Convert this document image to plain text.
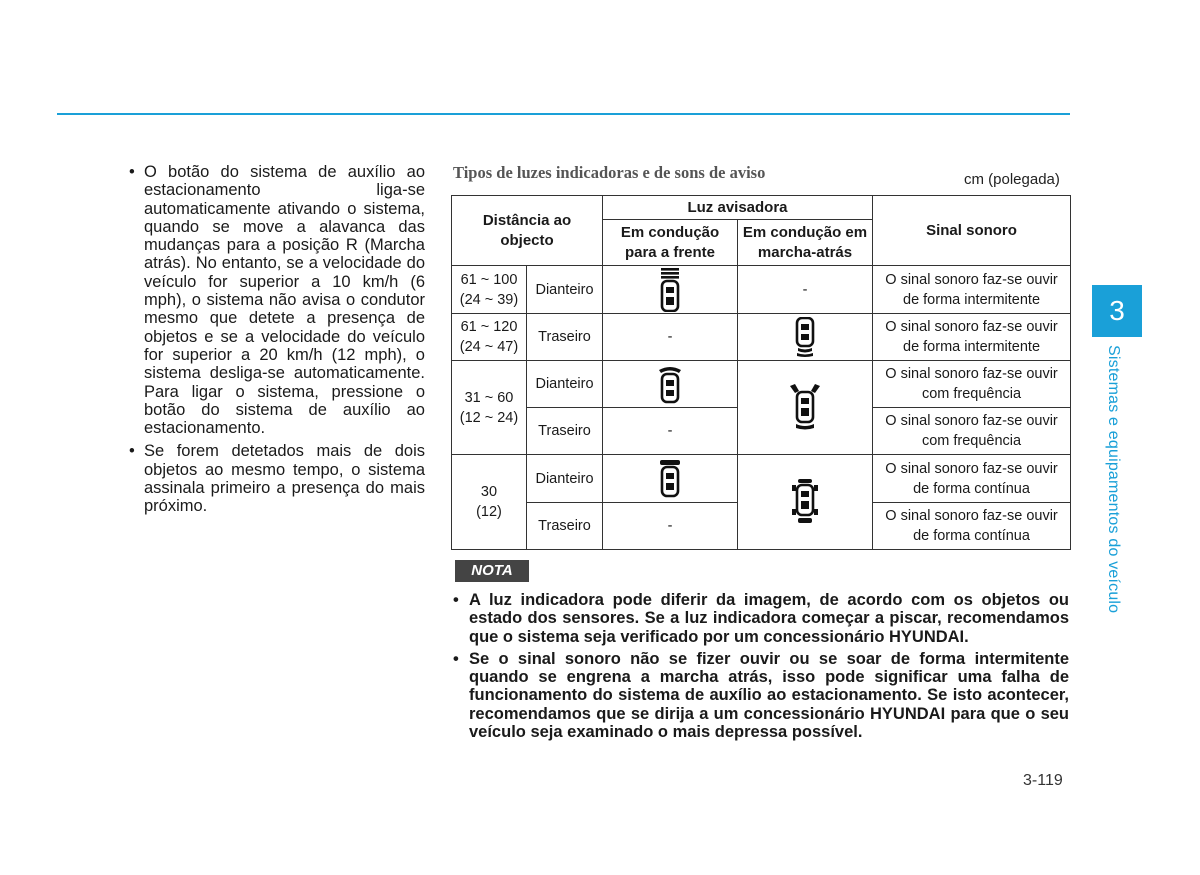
• O botão do sistema de auxílio ao estacionamento liga-se automaticamente ativando o sistema, quando se move a alavanca das mudanças para a posição R (Marcha atrás). No entanto, se a velocidade do veículo for superior a 10 km/h (6 mph), o sistema não avisa o condutor mesmo que detete a presença de objetos e se a velocidade do veículo for superior a 20 km/h (12 mph), o sistema desliga-se automaticamente. Para ligar o sistema, pressione o botão do sistema de auxílio ao estacionamento.
• Se forem detetados mais de dois objetos ao mesmo tempo, o sistema assinala primeiro a presença do mais próximo.
Tipos de luzes indicadoras e de sons de aviso	cm (polegada)
Distância ao objecto		Luz avisadora		Sinal sonoro
		Em condução para a frente	Em condução em marcha-atrás	
61 ~ 100
(24 ~ 39)	Dianteiro		-	O sinal sonoro faz-se ouvir de forma intermitente
61 ~ 120
(24 ~ 47)	Traseiro	-		O sinal sonoro faz-se ouvir de forma intermitente
31 ~ 60
(12 ~ 24)	Dianteiro			O sinal sonoro faz-se ouvir com frequência
	Traseiro	-		O sinal sonoro faz-se ouvir com frequência
30
(12)	Dianteiro			O sinal sonoro faz-se ouvir de forma contínua
	Traseiro	-		O sinal sonoro faz-se ouvir de forma contínua
NOTA
• A luz indicadora pode diferir da imagem, de acordo com os objetos ou estado dos sensores. Se a luz indicadora começar a piscar, recomendamos que o sistema seja verificado por um concessionário HYUNDAI.
• Se o sinal sonoro não se fizer ouvir ou se soar de forma intermitente quando se engrena a marcha atrás, isso pode significar uma falha de funcionamento do sistema de auxílio ao estacionamento. Se isto acontecer, recomendamos que se dirija a um concessionário HYUNDAI para que o seu veículo seja examinado o mais depressa possível.
3-119
3
Sistemas e equipamentos do veículo
